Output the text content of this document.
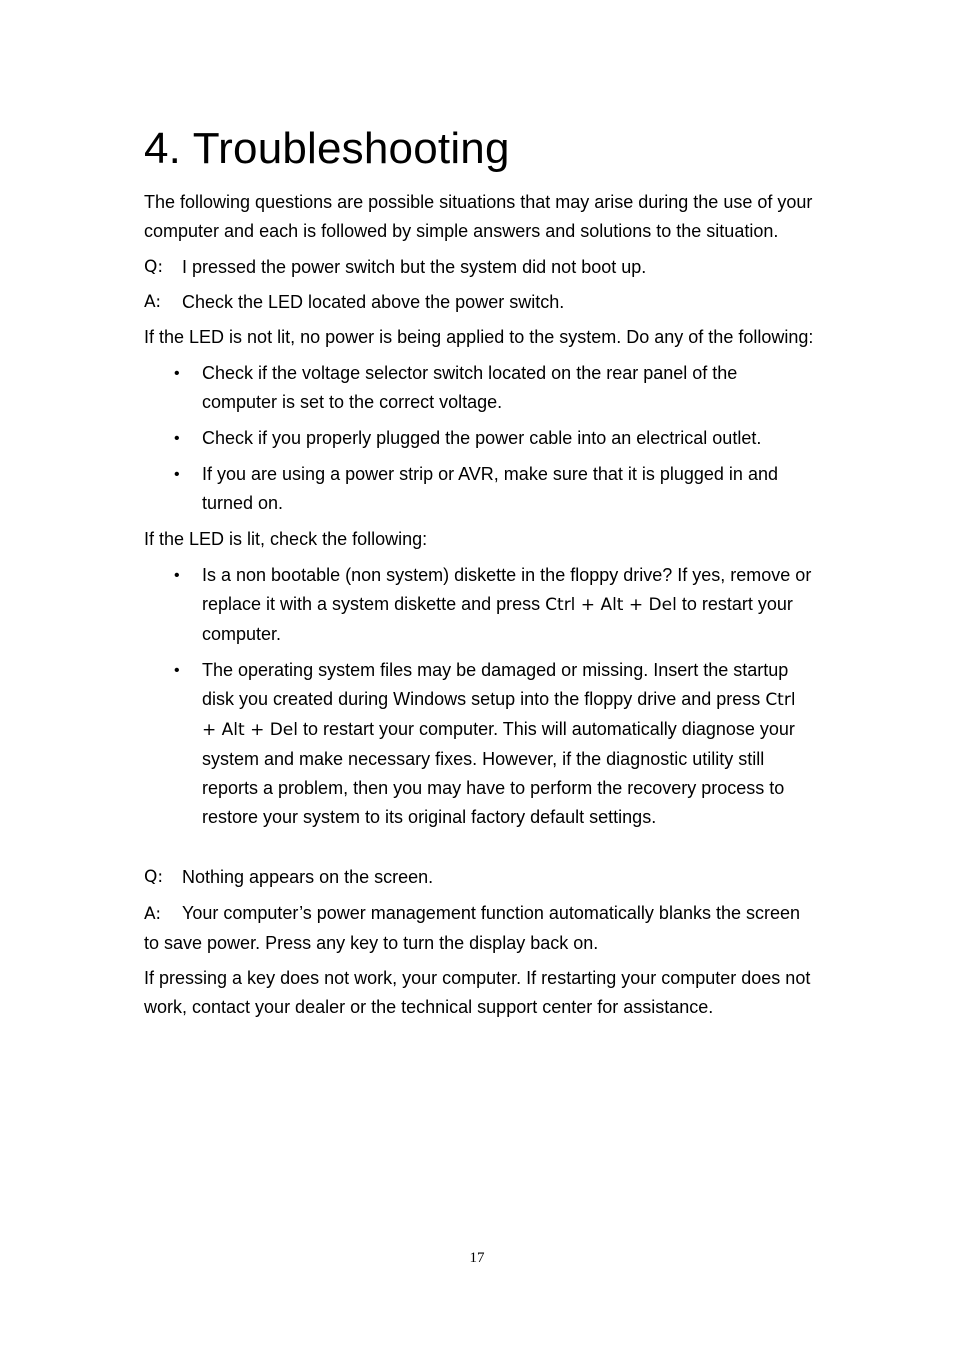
4. Troubleshooting

The following questions are possible situations that may arise during the use of your computer and each is followed by simple answers and solutions to the situation.

Q: I pressed the power switch but the system did not boot up.

A: Check the LED located above the power switch.

If the LED is not lit, no power is being applied to the system. Do any of the following:

• Check if the voltage selector switch located on the rear panel of the computer is set to the correct voltage.
• Check if you properly plugged the power cable into an electrical outlet.
• If you are using a power strip or AVR, make sure that it is plugged in and turned on.

If the LED is lit, check the following:

• Is a non bootable (non system) diskette in the floppy drive? If yes, remove or replace it with a system diskette and press Ctrl + Alt + Del to restart your computer.
• The operating system files may be damaged or missing. Insert the startup disk you created during Windows setup into the floppy drive and press Ctrl + Alt + Del to restart your computer. This will automatically diagnose your system and make necessary fixes. However, if the diagnostic utility still reports a problem, then you may have to perform the recovery process to restore your system to its original factory default settings.

Q: Nothing appears on the screen.

A: Your computer’s power management function automatically blanks the screen to save power. Press any key to turn the display back on.

If pressing a key does not work, your computer. If restarting your computer does not work, contact your dealer or the technical support center for assistance.

17
